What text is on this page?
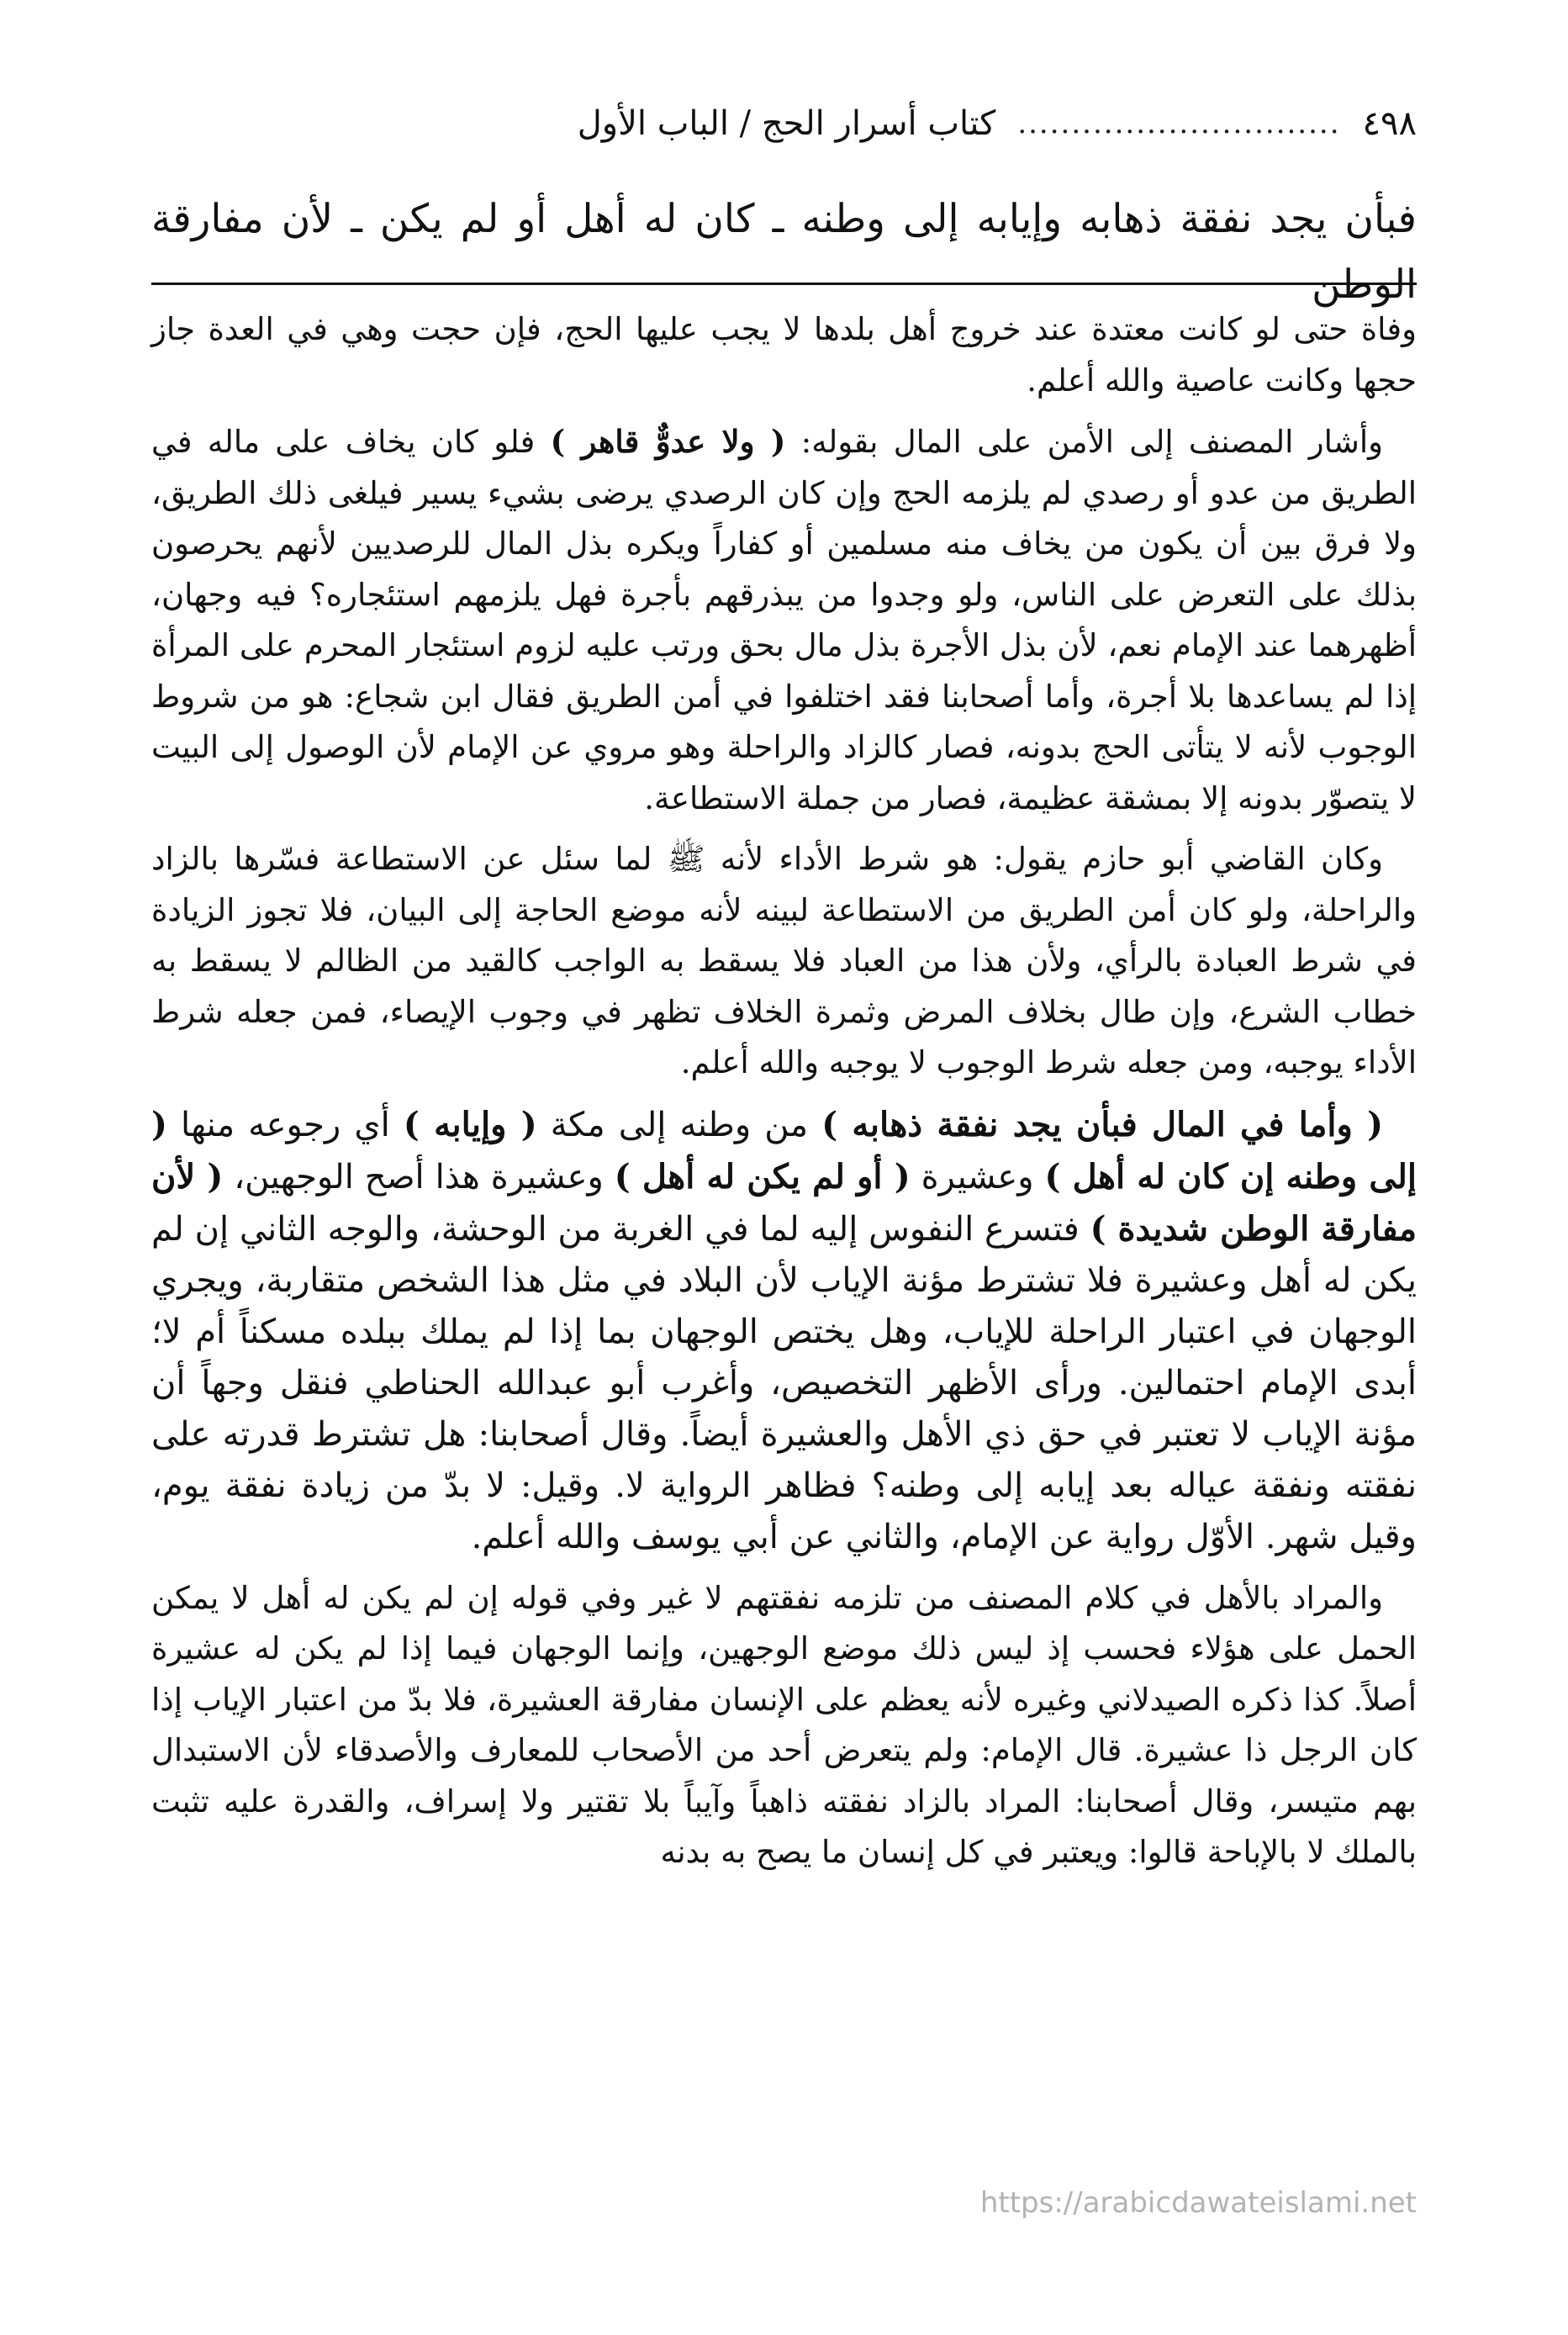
٤٩٨
..............................
كتاب أسرار الحج / الباب الأول
فبأن يجد نفقة ذهابه وإيابه إلى وطنه ـ كان له أهل أو لم يكن ـ لأن مفارقة الوطن

وفاة حتى لو كانت معتدة عند خروج أهل بلدها لا يجب عليها الحج، فإن حجت وهي في العدة جاز حجها وكانت عاصية والله أعلم.

وأشار المصنف إلى الأمن على المال بقوله: ( ولا عدوٌّ قاهر ) فلو كان يخاف على ماله في الطريق من عدو أو رصدي لم يلزمه الحج وإن كان الرصدي يرضى بشيء يسير فيلغى ذلك الطريق، ولا فرق بين أن يكون من يخاف منه مسلمين أو كفاراً ويكره بذل المال للرصديين لأنهم يحرصون بذلك على التعرض على الناس، ولو وجدوا من يبذرقهم بأجرة فهل يلزمهم استئجاره؟ فيه وجهان، أظهرهما عند الإمام نعم، لأن بذل الأجرة بذل مال بحق ورتب عليه لزوم استئجار المحرم على المرأة إذا لم يساعدها بلا أجرة، وأما أصحابنا فقد اختلفوا في أمن الطريق فقال ابن شجاع: هو من شروط الوجوب لأنه لا يتأتى الحج بدونه، فصار كالزاد والراحلة وهو مروي عن الإمام لأن الوصول إلى البيت لا يتصوّر بدونه إلا بمشقة عظيمة، فصار من جملة الاستطاعة.

وكان القاضي أبو حازم يقول: هو شرط الأداء لأنه ﷺ لما سئل عن الاستطاعة فسّرها بالزاد والراحلة، ولو كان أمن الطريق من الاستطاعة لبينه لأنه موضع الحاجة إلى البيان، فلا تجوز الزيادة في شرط العبادة بالرأي، ولأن هذا من العباد فلا يسقط به الواجب كالقيد من الظالم لا يسقط به خطاب الشرع، وإن طال بخلاف المرض وثمرة الخلاف تظهر في وجوب الإيصاء، فمن جعله شرط الأداء يوجبه، ومن جعله شرط الوجوب لا يوجبه والله أعلم.

( وأما في المال فبأن يجد نفقة ذهابه ) من وطنه إلى مكة ( وإيابه ) أي رجوعه منها ( إلى وطنه إن كان له أهل ) وعشيرة ( أو لم يكن له أهل ) وعشيرة هذا أصح الوجهين، ( لأن مفارقة الوطن شديدة ) فتسرع النفوس إليه لما في الغربة من الوحشة، والوجه الثاني إن لم يكن له أهل وعشيرة فلا تشترط مؤنة الإياب لأن البلاد في مثل هذا الشخص متقاربة، ويجري الوجهان في اعتبار الراحلة للإياب، وهل يختص الوجهان بما إذا لم يملك ببلده مسكناً أم لا؛ أبدى الإمام احتمالين. ورأى الأظهر التخصيص، وأغرب أبو عبدالله الحناطي فنقل وجهاً أن مؤنة الإياب لا تعتبر في حق ذي الأهل والعشيرة أيضاً. وقال أصحابنا: هل تشترط قدرته على نفقته ونفقة عياله بعد إيابه إلى وطنه؟ فظاهر الرواية لا. وقيل: لا بدّ من زيادة نفقة يوم، وقيل شهر. الأوّل رواية عن الإمام، والثاني عن أبي يوسف والله أعلم.

والمراد بالأهل في كلام المصنف من تلزمه نفقتهم لا غير وفي قوله إن لم يكن له أهل لا يمكن الحمل على هؤلاء فحسب إذ ليس ذلك موضع الوجهين، وإنما الوجهان فيما إذا لم يكن له عشيرة أصلاً. كذا ذكره الصيدلاني وغيره لأنه يعظم على الإنسان مفارقة العشيرة، فلا بدّ من اعتبار الإياب إذا كان الرجل ذا عشيرة. قال الإمام: ولم يتعرض أحد من الأصحاب للمعارف والأصدقاء لأن الاستبدال بهم متيسر، وقال أصحابنا: المراد بالزاد نفقته ذاهباً وآيباً بلا تقتير ولا إسراف، والقدرة عليه تثبت بالملك لا بالإباحة قالوا: ويعتبر في كل إنسان ما يصح به بدنه

https://arabicdawateislami.net
